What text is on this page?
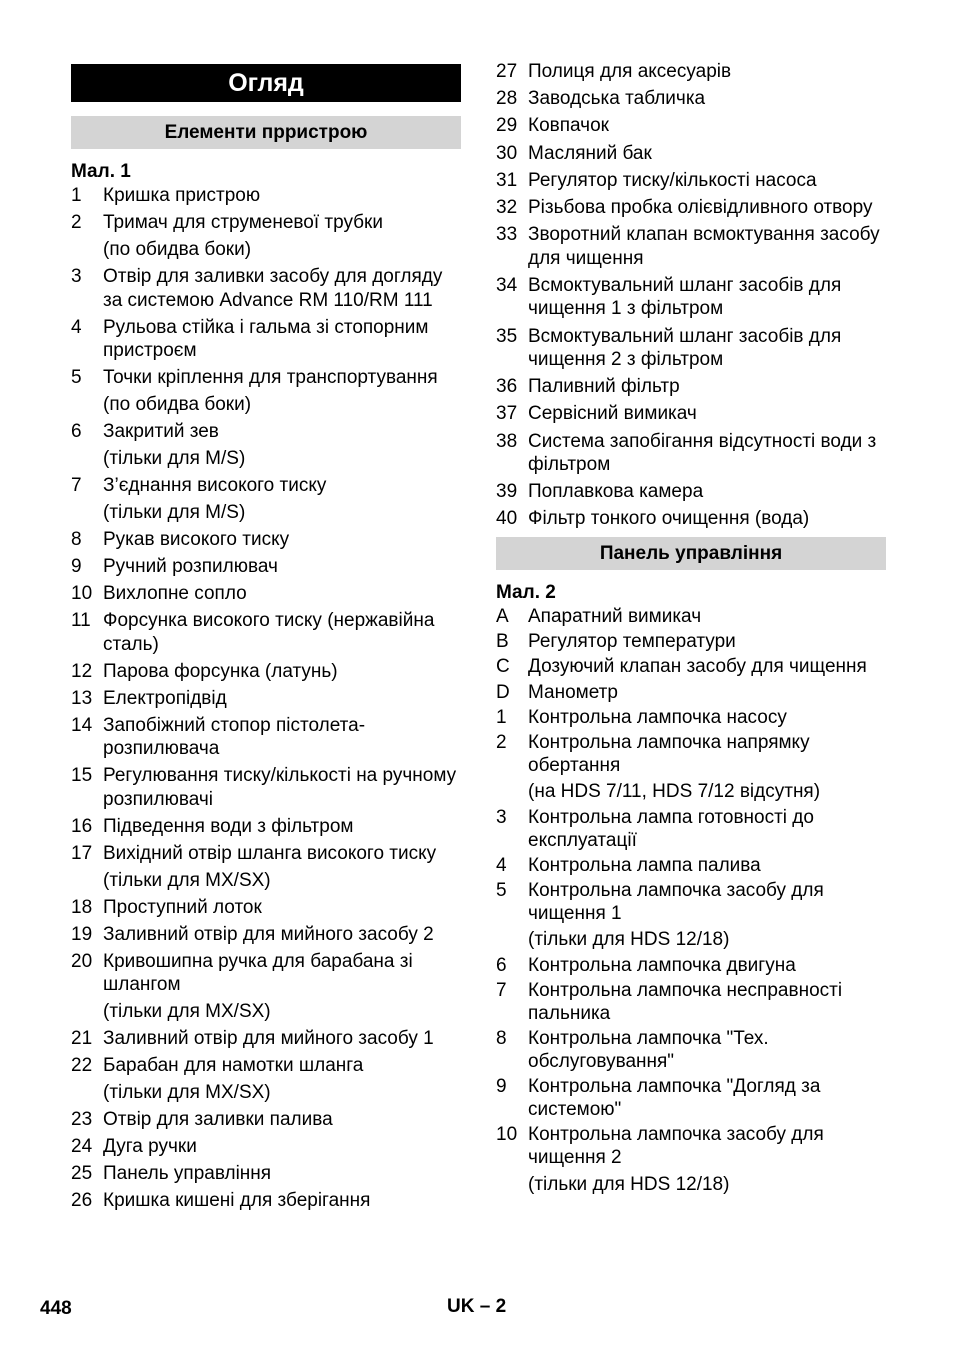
Огляд
Елементи прристрою
Мал. 1
1	Кришка пристрою
2	Тримач для струменевої трубки
(по обидва боки)
3	Отвір для заливки засобу для догляду за системою Advance RM 110/RM 111
4	Рульова стійка і гальма зі стопорним пристроєм
5	Точки кріплення для транспортування
(по обидва боки)
6	Закритий зев
(тільки для M/S)
7	З’єднання високого тиску
(тільки для M/S)
8	Рукав високого тиску
9	Ручний розпилювач
10 Вихлопне сопло
11 Форсунка високого тиску (нержавійна сталь)
12 Парова форсунка (латунь)
13 Електропідвід
14 Запобіжний стопор пістолета-розпилювача
15 Регулювання тиску/кількості на ручному розпилювачі
16 Підведення води з фільтром
17 Вихідний отвір шланга високого тиску
(тільки для MX/SX)
18 Проступний лоток
19 Заливний отвір для мийного засобу 2
20 Кривошипна ручка для барабана зі шлангом
(тільки для MX/SX)
21 Заливний отвір для мийного засобу 1
22 Барабан для намотки шланга
(тільки для MX/SX)
23 Отвір для заливки палива
24 Дуга ручки
25 Панель управління
26 Кришка кишені для зберігання
27 Полиця для аксесуарів
28 Заводська табличка
29 Ковпачок
30 Масляний бак
31 Регулятор тиску/кількості насоса
32 Різьбова пробка олієвідливного отвору
33 Зворотний клапан всмоктування засобу для чищення
34 Всмоктувальний шланг засобів для чищення 1 з фільтром
35 Всмоктувальний шланг засобів для чищення 2 з фільтром
36 Паливний фільтр
37 Сервісний вимикач
38 Система запобігання відсутності води з фільтром
39 Поплавкова камера
40 Фільтр тонкого очищення (вода)
Панель управління
Мал. 2
A	Апаратний вимикач
B	Регулятор температури
C Дозуючий клапан засобу для чищення
D Манометр
1	Контрольна лампочка насосу
2	Контрольна лампочка напрямку обертання
(на HDS 7/11, HDS 7/12 відсутня)
3	Контрольна лампа готовності до експлуатації
4	Контрольна лампа палива
5	Контрольна лампочка засобу для чищення 1
(тільки для HDS 12/18)
6	Контрольна лампочка двигуна
7	Контрольна лампочка несправності пальника
8	Контрольна лампочка "Тех. обслуговування"
9	Контрольна лампочка "Догляд за системою"
10 Контрольна лампочка засобу для чищення 2
(тільки для HDS 12/18)
448	UK – 2
